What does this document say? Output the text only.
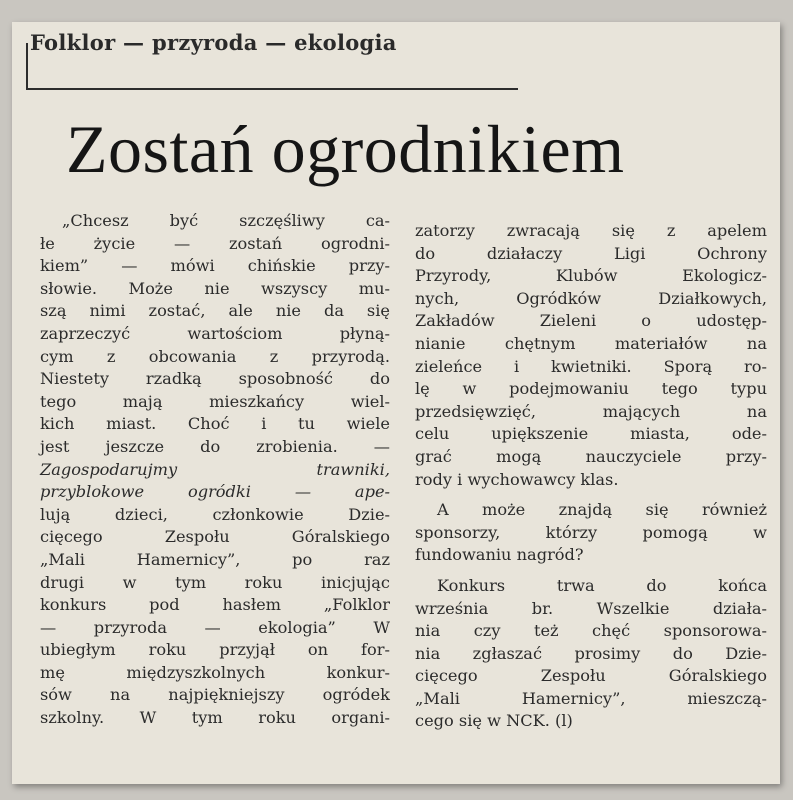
Folklor — przyroda — ekologia
Zostań ogrodnikiem
„Chcesz być szczęśliwy ca-
łe życie — zostań ogrodni-
kiem” — mówi chińskie przy-
słowie. Może nie wszyscy mu-
szą nimi zostać, ale nie da się
zaprzeczyć wartościom płyną-
cym z obcowania z przyrodą.
Niestety rzadką sposobność do
tego mają mieszkańcy wiel-
kich miast. Choć i tu wiele
jest jeszcze do zrobienia. —
Zagospodarujmy trawniki,
przyblokowe ogródki — ape-
lują dzieci, członkowie Dzie-
cięcego Zespołu Góralskiego
„Mali Hamernicy”, po raz
drugi w tym roku inicjując
konkurs pod hasłem „Folklor
— przyroda — ekologia” W
ubiegłym roku przyjął on for-
mę międzyszkolnych konkur-
sów na najpiękniejszy ogródek
szkolny. W tym roku organi-
zatorzy zwracają się z apelem
do działaczy Ligi Ochrony
Przyrody, Klubów Ekologicz-
nych, Ogródków Działkowych,
Zakładów Zieleni o udostęp-
nianie chętnym materiałów na
zieleńce i kwietniki. Sporą ro-
lę w podejmowaniu tego typu
przedsięwzięć, mających na
celu upiększenie miasta, ode-
grać mogą nauczyciele przy-
rody i wychowawcy klas.
A może znajdą się również
sponsorzy, którzy pomogą w
fundowaniu nagród?
Konkurs trwa do końca
września br. Wszelkie działa-
nia czy też chęć sponsorowa-
nia zgłaszać prosimy do Dzie-
cięcego Zespołu Góralskiego
„Mali Hamernicy”, mieszczą-
cego się w NCK. (l)
